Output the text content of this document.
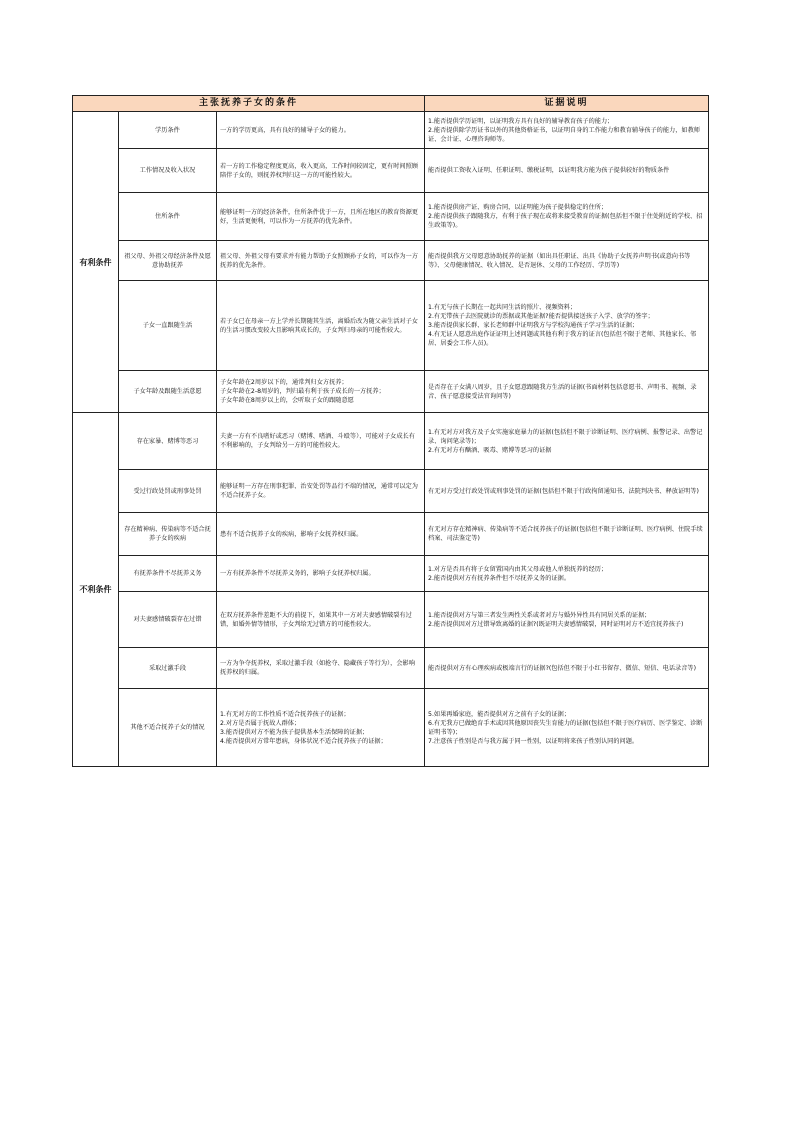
主张抚养子女的条件			证据说明
有利条件	学历条件	一方的学历更高，具有良好的辅导子女的能力。	1.能否提供学历证明，以证明我方具有良好的辅导教育孩子的能力；
2.能否提供除学历证书以外的其他资格证书，以证明自身的工作能力和教育辅导孩子的能力，如教师证、会计证、心理咨询师等。

	工作情况及收入状况	若一方的工作稳定程度更高，收入更高，工作时间较固定，更有时间照顾陪伴子女的，则抚养权判归这一方的可能性较大。	能否提供工资收入证明、任职证明、缴税证明，以证明我方能为孩子提供较好的物质条件

	住所条件	能够证明一方的经济条件，住所条件优于一方，且所在地区的教育资源更好，生活更便利，可以作为一方抚养的优先条件。	1.能否提供房产证、购房合同，以证明能为孩子提供稳定的住所；
2.能否提供孩子跟随我方，有利于孩子现在或将来接受教育的证据(包括但不限于住处附近的学校、招生政策等)。

	祖父母、外祖父母经济条件及愿意协助抚养	祖父母、外祖父母有要求并有能力帮助子女照顾孙子女的，可以作为一方抚养的优先条件。	能否提供我方父母愿意协助抚养的证据（如出具任职证、出具《协助子女抚养声明书(或意向书等等》、父母健康情况、收入情况、是否退休、父母的工作经历、学历等)

	子女一直跟随生活	若子女已在母亲一方上学并长期随其生活，离婚后改为随父亲生活对子女的生活习惯改变较大且影响其成长的，子女判归母亲的可能性较大。	1.有无与孩子长期在一起共同生活的照片、视频资料；
2.有无带孩子去医院就诊的票据或其他证据?能否提供接送孩子入学、放学的签字；
3.能否提供家长群、家长老师群中证明我方与学校沟通孩子学习生活的证据；
4.有无证人愿意出庭作证证明上述问题或其他有利于我方的证言(包括但不限于老师、其他家长、邻居、居委会工作人员)。

	子女年龄及跟随生活意愿	子女年龄在2周岁以下的，通常判归女方抚养；
子女年龄在2-8周岁的，判归最有利于孩子成长的一方抚养；
子女年龄在8周岁以上的，会听取子女的跟随意愿	是否存在子女满八周岁，且子女愿意跟随我方生活的证据(书面材料包括意愿书、声明书、视频、录音、孩子愿意接受法官询问等)

不利条件	存在家暴、赌博等恶习	夫妻一方有不良嗜好或恶习（赌博、嗜酒、斗殴等），可能对子女成长有不利影响的，子女判给另一方的可能性较大。	1.有无对方对我方及子女实施家庭暴力的证据(包括但不限于诊断证明、医疗病例、报警记录、出警记录、询问笔录等)；
2.有无对方有酗酒、吸毒、赌博等恶习的证据

	受过行政处罚或刑事处罚	能够证明一方存在刑事犯罪、治安处罚等品行不端的情况，通常可以定为不适合抚养子女。	有无对方受过行政处罚或刑事处罚的证据(包括但不限于行政拘留通知书、法院判决书、释放证明等)

	存在精神病、传染病等不适合抚养子女的疾病	患有不适合抚养子女的疾病，影响子女抚养权归属。	有无对方存在精神病、传染病等不适合抚养孩子的证据(包括但不限于诊断证明、医疗病例、住院手续档案、司法鉴定等)

	有抚养条件不尽抚养义务	一方有抚养条件不尽抚养义务的，影响子女抚养权归属。	1.对方是否具有将子女留置国内由其父母或他人单独抚养的经历；
2.能否提供对方有抚养条件但不尽抚养义务的证据。

	对夫妻感情破裂存在过错	在双方抚养条件差距不大的前提下，如果其中一方对夫妻感情破裂有过错，如婚外情等情形，子女判给无过错方的可能性较大。	1.能否提供对方与第三者发生两性关系或者对方与婚外异性具有同居关系的证据；
2.能否提供因对方过错导致离婚的证据?(既证明夫妻感情破裂，同时证明对方不适宜抚养孩子)

	采取过激手段	一方为争夺抚养权，采取过激手段（如抢夺、隐藏孩子等行为），会影响抚养权的归属。	能否提供对方有心理疾病或极端言行的证据?(包括但不限于小红书留存、微信、短信、电话录音等)

	其他不适合抚养子女的情况	1.有无对方的工作性质不适合抚养孩子的证据；
2.对方是否属于抚故人群体；
3.能否提供对方不能为孩子提供基本生活保障的证据；
4.能否提供对方常年患病，身体状况不适合抚养孩子的证据；	5.如果再婚家庭，能否提供对方之前有子女的证据；
6.有无我方已做绝育手术或因其他原因丧失生育能力的证据(包括但不限于医疗病历、医学鉴定、诊断证明书等)；
7.注意孩子性别是否与我方属于同一性别，以证明将来孩子性别认同的问题。
